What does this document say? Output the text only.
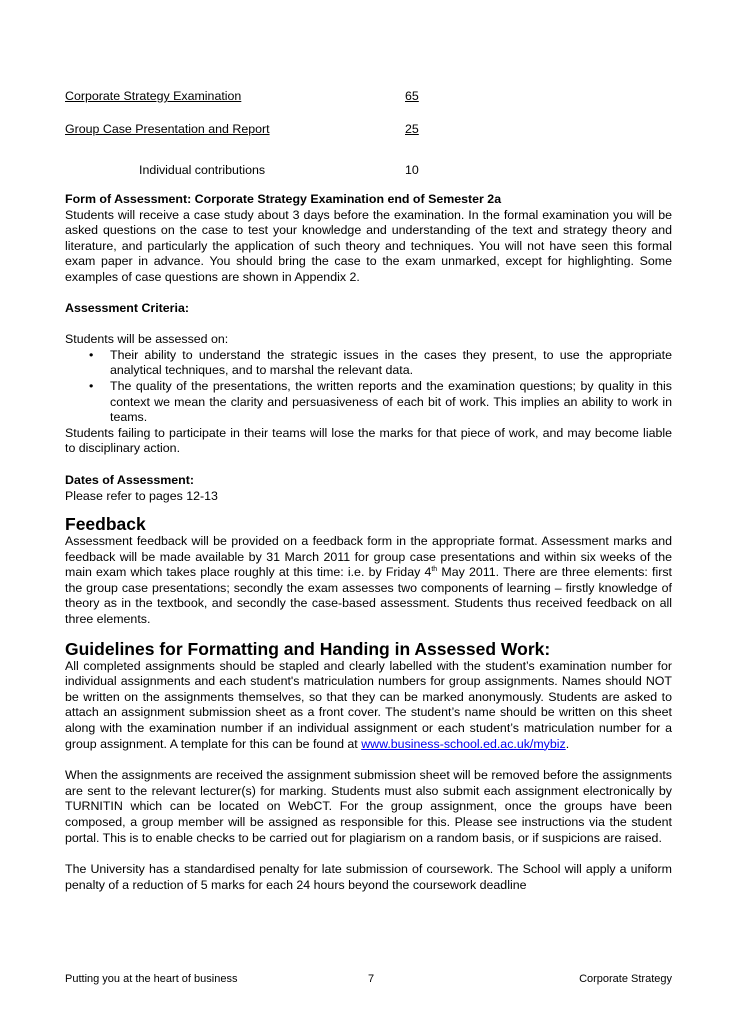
Corporate Strategy Examination	65
Group Case Presentation and Report	25
Individual contributions	10

Form of Assessment: Corporate Strategy Examination end of Semester 2a

Students will receive a case study about 3 days before the examination. In the formal examination you will be asked questions on the case to test your knowledge and understanding of the text and strategy theory and literature, and particularly the application of such theory and techniques. You will not have seen this formal exam paper in advance. You should bring the case to the exam unmarked, except for highlighting. Some examples of case questions are shown in Appendix 2.

Assessment Criteria:

Students will be assessed on:

• Their ability to understand the strategic issues in the cases they present, to use the appropriate analytical techniques, and to marshal the relevant data.
• The quality of the presentations, the written reports and the examination questions; by quality in this context we mean the clarity and persuasiveness of each bit of work. This implies an ability to work in teams.

Students failing to participate in their teams will lose the marks for that piece of work, and may become liable to disciplinary action.

Dates of Assessment:

Please refer to pages 12-13

Feedback

Assessment feedback will be provided on a feedback form in the appropriate format. Assessment marks and feedback will be made available by 31 March 2011 for group case presentations and within six weeks of the main exam which takes place roughly at this time: i.e. by Friday 4th May 2011. There are three elements: first the group case presentations; secondly the exam assesses two components of learning – firstly knowledge of theory as in the textbook, and secondly the case-based assessment. Students thus received feedback on all three elements.

Guidelines for Formatting and Handing in Assessed Work:

All completed assignments should be stapled and clearly labelled with the student’s examination number for individual assignments and each student's matriculation numbers for group assignments. Names should NOT be written on the assignments themselves, so that they can be marked anonymously. Students are asked to attach an assignment submission sheet as a front cover. The student’s name should be written on this sheet along with the examination number if an individual assignment or each student’s matriculation number for a group assignment. A template for this can be found at www.business-school.ed.ac.uk/mybiz.

When the assignments are received the assignment submission sheet will be removed before the assignments are sent to the relevant lecturer(s) for marking. Students must also submit each assignment electronically by TURNITIN which can be located on WebCT. For the group assignment, once the groups have been composed, a group member will be assigned as responsible for this. Please see instructions via the student portal. This is to enable checks to be carried out for plagiarism on a random basis, or if suspicions are raised.

The University has a standardised penalty for late submission of coursework. The School will apply a uniform penalty of a reduction of 5 marks for each 24 hours beyond the coursework deadline

Putting you at the heart of business	7	Corporate Strategy
